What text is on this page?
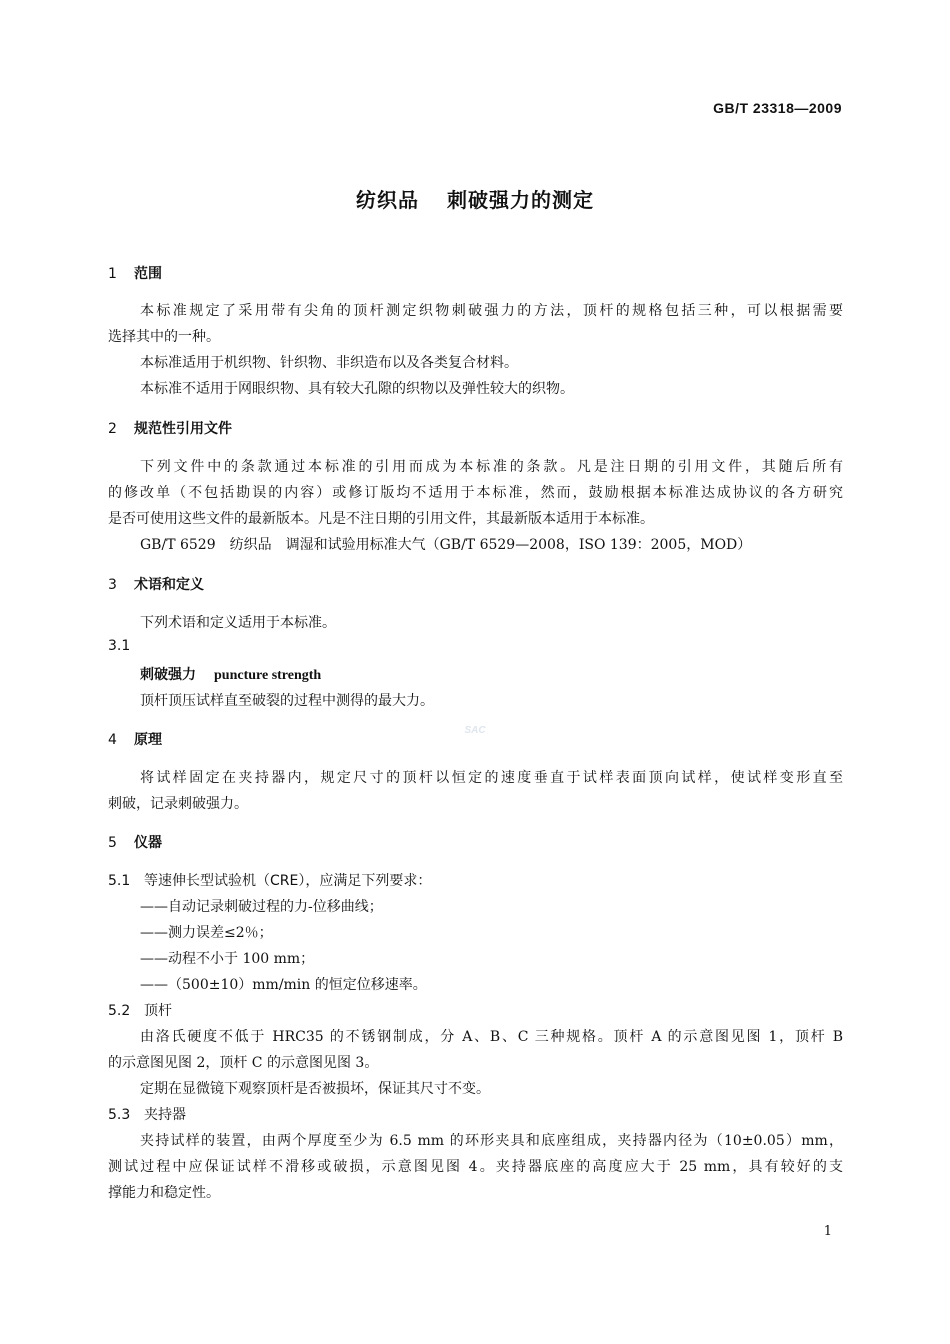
GB/T 23318—2009
纺织品 刺破强力的测定
1 范围
本标准规定了采用带有尖角的顶杆测定织物刺破强力的方法，顶杆的规格包括三种，可以根据需要
选择其中的一种。
本标准适用于机织物、针织物、非织造布以及各类复合材料。
本标准不适用于网眼织物、具有较大孔隙的织物以及弹性较大的织物。
2 规范性引用文件
下列文件中的条款通过本标准的引用而成为本标准的条款。凡是注日期的引用文件，其随后所有
的修改单（不包括勘误的内容）或修订版均不适用于本标准，然而，鼓励根据本标准达成协议的各方研究
是否可使用这些文件的最新版本。凡是不注日期的引用文件，其最新版本适用于本标准。
GB/T 6529　纺织品　调湿和试验用标准大气（GB/T 6529—2008，ISO 139：2005，MOD）
3 术语和定义
下列术语和定义适用于本标准。
3.1
刺破强力 puncture strength
顶杆顶压试样直至破裂的过程中测得的最大力。
4 原理
将试样固定在夹持器内，规定尺寸的顶杆以恒定的速度垂直于试样表面顶向试样，使试样变形直至
刺破，记录刺破强力。
5 仪器
5.1 等速伸长型试验机（CRE），应满足下列要求：
——自动记录刺破过程的力-位移曲线；
——测力误差≤2％；
——动程不小于 100 mm；
——（500±10）mm/min 的恒定位移速率。
5.2 顶杆
由洛氏硬度不低于 HRC35 的不锈钢制成，分 A、B、C 三种规格。顶杆 A 的示意图见图 1，顶杆 B
的示意图见图 2，顶杆 C 的示意图见图 3。
定期在显微镜下观察顶杆是否被损坏，保证其尺寸不变。
5.3 夹持器
夹持试样的装置，由两个厚度至少为 6.5 mm 的环形夹具和底座组成，夹持器内径为（10±0.05）mm，
测试过程中应保证试样不滑移或破损，示意图见图 4。夹持器底座的高度应大于 25 mm，具有较好的支
撑能力和稳定性。
SAC
1
